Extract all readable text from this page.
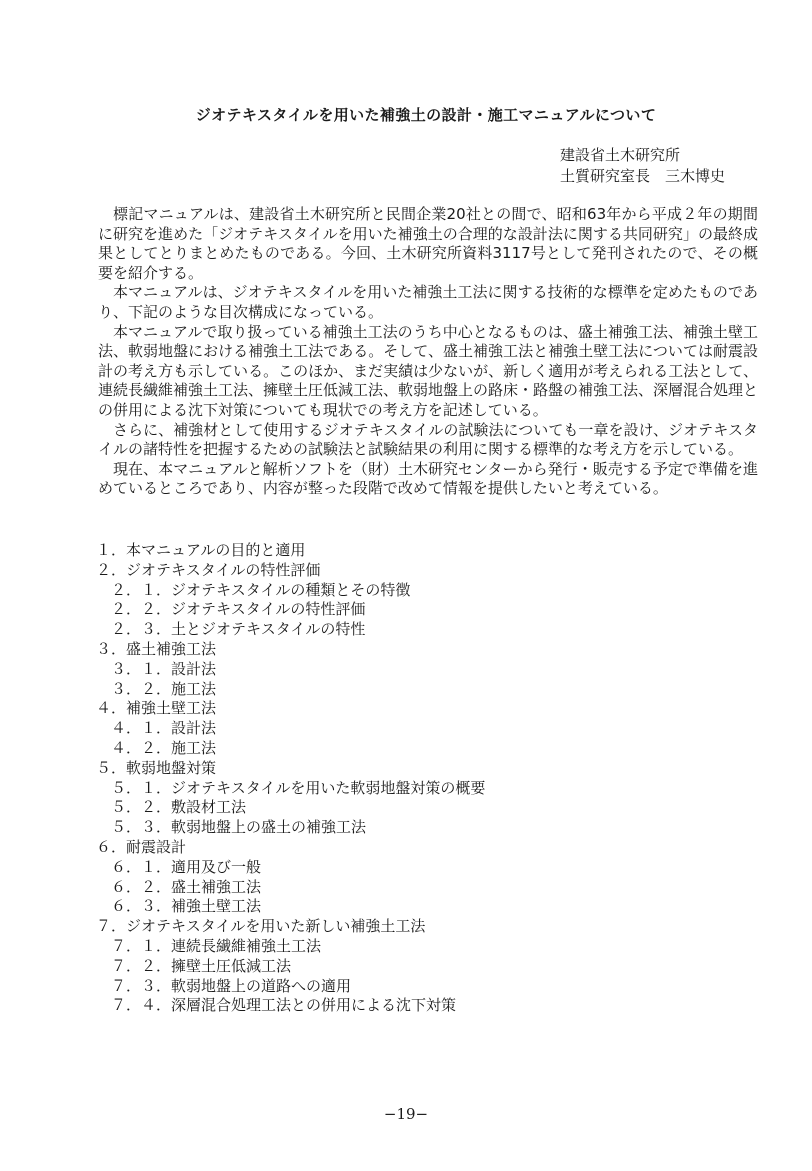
ジオテキスタイルを用いた補強土の設計・施工マニュアルについて
建設省土木研究所
土質研究室長　三木博史

標記マニュアルは、建設省土木研究所と民間企業20社との間で、昭和63年から平成２年の期間に研究を進めた「ジオテキスタイルを用いた補強土の合理的な設計法に関する共同研究」の最終成果としてとりまとめたものである。今回、土木研究所資料3117号として発刊されたので、その概要を紹介する。

本マニュアルは、ジオテキスタイルを用いた補強土工法に関する技術的な標準を定めたものであり、下記のような目次構成になっている。

本マニュアルで取り扱っている補強土工法のうち中心となるものは、盛土補強工法、補強土壁工法、軟弱地盤における補強土工法である。そして、盛土補強工法と補強土壁工法については耐震設計の考え方も示している。このほか、まだ実績は少ないが、新しく適用が考えられる工法として、連続長繊維補強土工法、擁壁土圧低減工法、軟弱地盤上の路床・路盤の補強工法、深層混合処理との併用による沈下対策についても現状での考え方を記述している。

さらに、補強材として使用するジオテキスタイルの試験法についても一章を設け、ジオテキスタイルの諸特性を把握するための試験法と試験結果の利用に関する標準的な考え方を示している。

現在、本マニュアルと解析ソフトを（財）土木研究センターから発行・販売する予定で準備を進めているところであり、内容が整った段階で改めて情報を提供したいと考えている。

１．本マニュアルの目的と適用
２．ジオテキスタイルの特性評価
２．１．ジオテキスタイルの種類とその特徴
２．２．ジオテキスタイルの特性評価
２．３．土とジオテキスタイルの特性
３．盛土補強工法
３．１．設計法
３．２．施工法
４．補強土壁工法
４．１．設計法
４．２．施工法
５．軟弱地盤対策
５．１．ジオテキスタイルを用いた軟弱地盤対策の概要
５．２．敷設材工法
５．３．軟弱地盤上の盛土の補強工法
６．耐震設計
６．１．適用及び一般
６．２．盛土補強工法
６．３．補強土壁工法
７．ジオテキスタイルを用いた新しい補強土工法
７．１．連続長繊維補強土工法
７．２．擁壁土圧低減工法
７．３．軟弱地盤上の道路への適用
７．４．深層混合処理工法との併用による沈下対策
−19−
